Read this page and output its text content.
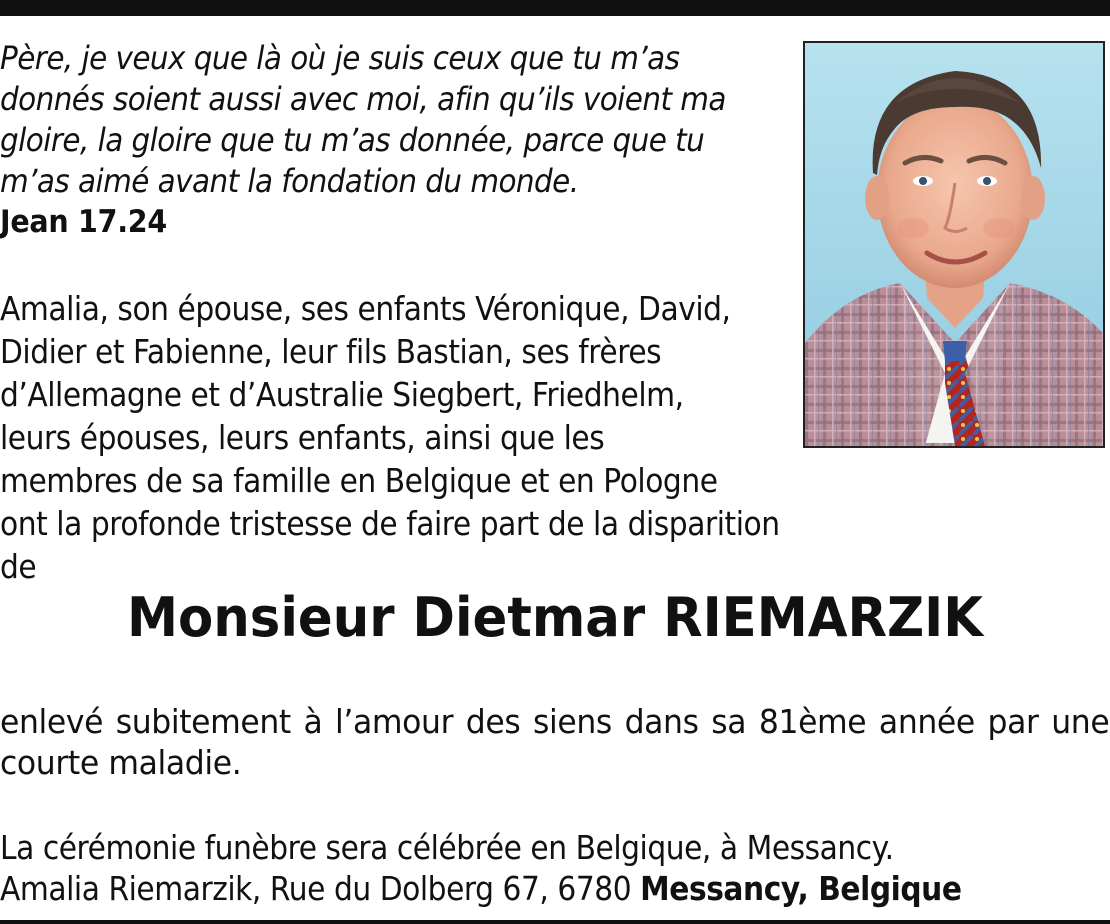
Père, je veux que là où je suis ceux que tu m’as
donnés soient aussi avec moi, afin qu’ils voient ma
gloire, la gloire que tu m’as donnée, parce que tu
m’as aimé avant la fondation du monde.
Jean 17.24
Amalia, son épouse, ses enfants Véronique, David,
Didier et Fabienne, leur fils Bastian, ses frères
d’Allemagne et d’Australie Siegbert, Friedhelm,
leurs épouses, leurs enfants, ainsi que les
membres de sa famille en Belgique et en Pologne
ont la profonde tristesse de faire part de la disparition de
Monsieur Dietmar RIEMARZIK
enlevé subitement à l’amour des siens dans sa 81ème année par une
courte maladie.
La cérémonie funèbre sera célébrée en Belgique, à Messancy.
Amalia Riemarzik, Rue du Dolberg 67, 6780 Messancy, Belgique
